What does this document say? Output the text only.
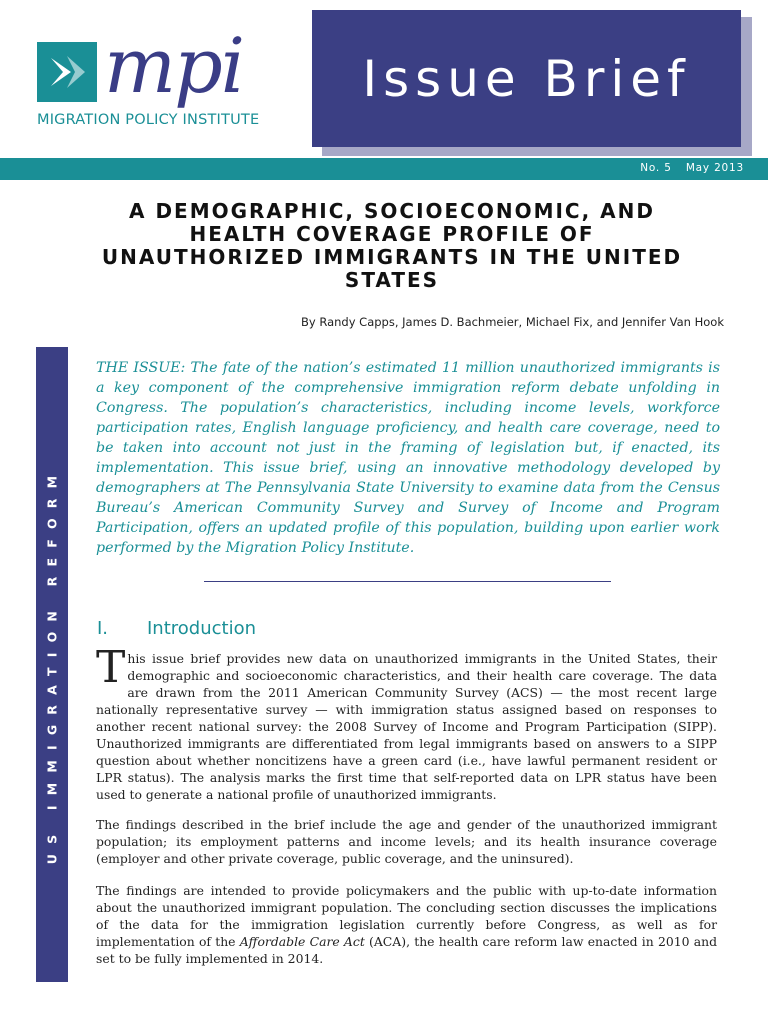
mpi
MIGRATION POLICY INSTITUTE
Issue Brief
No. 5 May 2013
A DEMOGRAPHIC, SOCIOECONOMIC, AND HEALTH COVERAGE PROFILE OF UNAUTHORIZED IMMIGRANTS IN THE UNITED STATES
By Randy Capps, James D. Bachmeier, Michael Fix, and Jennifer Van Hook
US IMMIGRATION REFORM

THE ISSUE: The fate of the nation’s estimated 11 million unauthorized immigrants is a key component of the comprehensive immigration reform debate unfolding in Congress. The population’s characteristics, including income levels, workforce participation rates, English language proficiency, and health care coverage, need to be taken into account not just in the framing of legislation but, if enacted, its implementation. This issue brief, using an innovative methodology developed by demographers at The Pennsylvania State University to examine data from the Census Bureau’s American Community Survey and Survey of Income and Program Participation, offers an updated profile of this population, building upon earlier work performed by the Migration Policy Institute.

I. Introduction

This issue brief provides new data on unauthorized immigrants in the United States, their demographic and socioeconomic characteristics, and their health care coverage. The data are drawn from the 2011 American Community Survey (ACS) — the most recent large nationally representative survey — with immigration status assigned based on responses to another recent national survey: the 2008 Survey of Income and Program Participation (SIPP). Unauthorized immigrants are differentiated from legal immigrants based on answers to a SIPP question about whether noncitizens have a green card (i.e., have lawful permanent resident or LPR status). The analysis marks the first time that self-reported data on LPR status have been used to generate a national profile of unauthorized immigrants.

The findings described in the brief include the age and gender of the unauthorized immigrant population; its employment patterns and income levels; and its health insurance coverage (employer and other private coverage, public coverage, and the uninsured).

The findings are intended to provide policymakers and the public with up-to-date information about the unauthorized immigrant population. The concluding section discusses the implications of the data for the immigration legislation currently before Congress, as well as for implementation of the Affordable Care Act (ACA), the health care reform law enacted in 2010 and set to be fully implemented in 2014.
